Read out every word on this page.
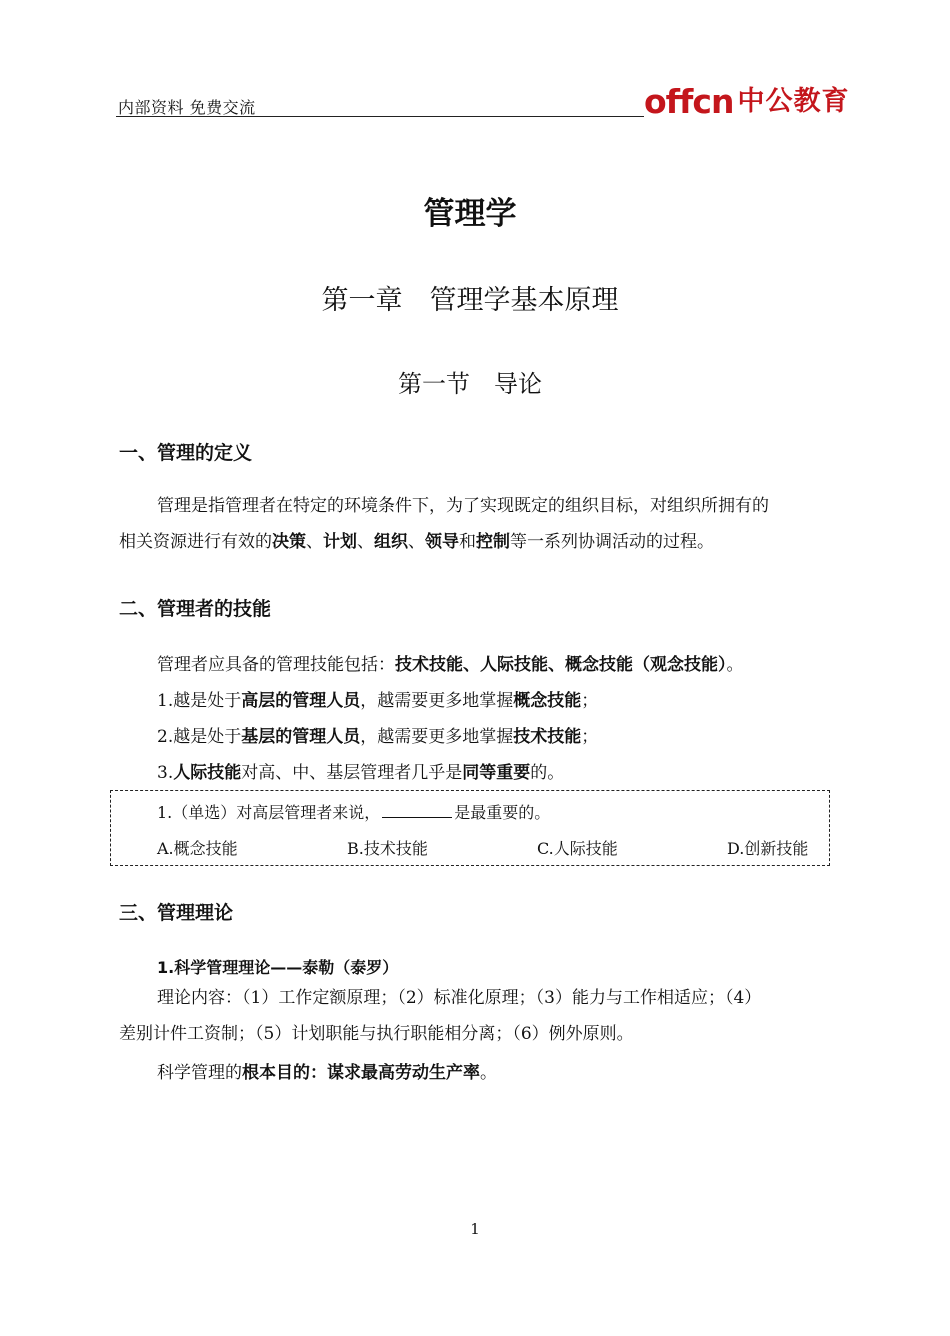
内部资料 免费交流	offcn 中公教育
管理学
第一章　管理学基本原理
第一节　导论
一、管理的定义

管理是指管理者在特定的环境条件下，为了实现既定的组织目标，对组织所拥有的

相关资源进行有效的决策、计划、组织、领导和控制等一系列协调活动的过程。

二、管理者的技能
管理者应具备的管理技能包括：技术技能、人际技能、概念技能（观念技能）。
1.越是处于高层的管理人员，越需要更多地掌握概念技能；
2.越是处于基层的管理人员，越需要更多地掌握技术技能；
3.人际技能对高、中、基层管理者几乎是同等重要的。
1.（单选）对高层管理者来说，	是最重要的。
A.概念技能	B.技术技能	C.人际技能	D.创新技能
三、管理理论
1.科学管理理论——泰勒（泰罗）

理论内容：（1）工作定额原理；（2）标准化原理；（3）能力与工作相适应；（4）

差别计件工资制；（5）计划职能与执行职能相分离；（6）例外原则。

科学管理的根本目的：谋求最高劳动生产率。
1
